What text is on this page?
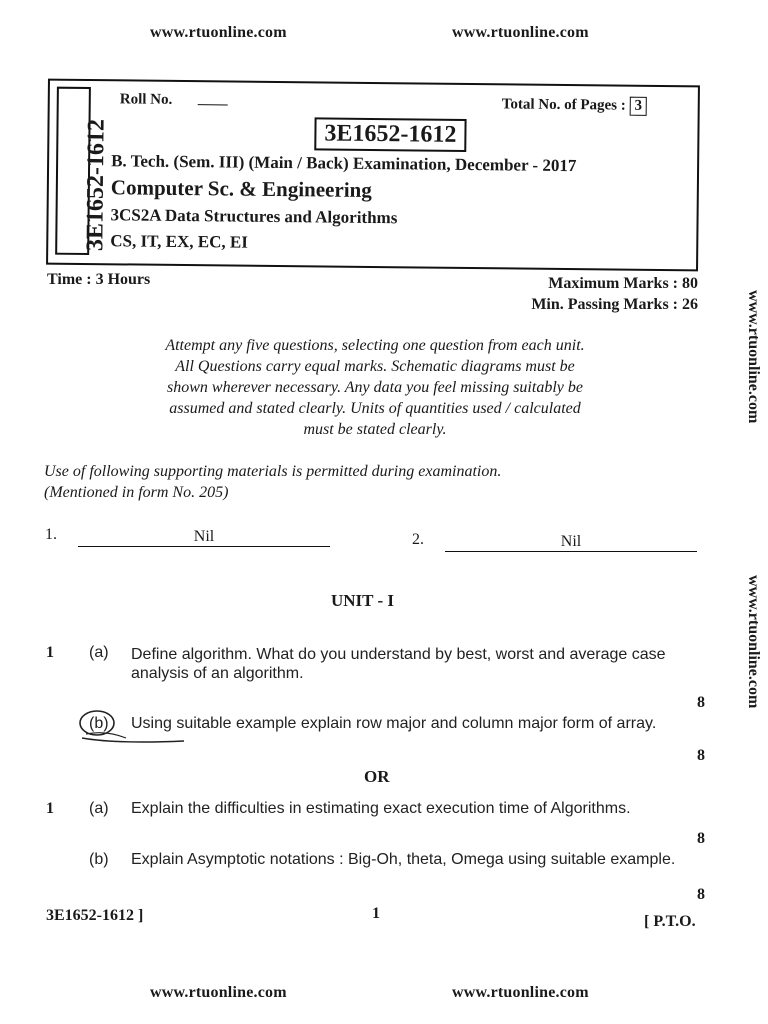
www.rtuonline.com	www.rtuonline.com
www.rtuonline.com
www.rtuonline.com
3E1652-1612
Roll No.	Total No. of Pages : 3
3E1652-1612
B. Tech. (Sem. III) (Main / Back) Examination, December - 2017
Computer Sc. & Engineering
3CS2A Data Structures and Algorithms
CS, IT, EX, EC, EI
Time : 3 Hours	Maximum Marks : 80
Min. Passing Marks : 26
Attempt any five questions, selecting one question from each unit.
All Questions carry equal marks. Schematic diagrams must be
shown wherever necessary. Any data you feel missing suitably be
assumed and stated clearly. Units of quantities used / calculated
must be stated clearly.
Use of following supporting materials is permitted during examination.
(Mentioned in form No. 205)
1.	Nil	2.	Nil
UNIT - I
1 (a) Define algorithm. What do you understand by best, worst and average case
analysis of an algorithm.
8
(b) Using suitable example explain row major and column major form of array.
8
OR
1 (a) Explain the difficulties in estimating exact execution time of Algorithms.
8
(b) Explain Asymptotic notations : Big-Oh, theta, Omega using suitable example.
8
3E1652-1612 ]	1	[ P.T.O.
www.rtuonline.com	www.rtuonline.com
